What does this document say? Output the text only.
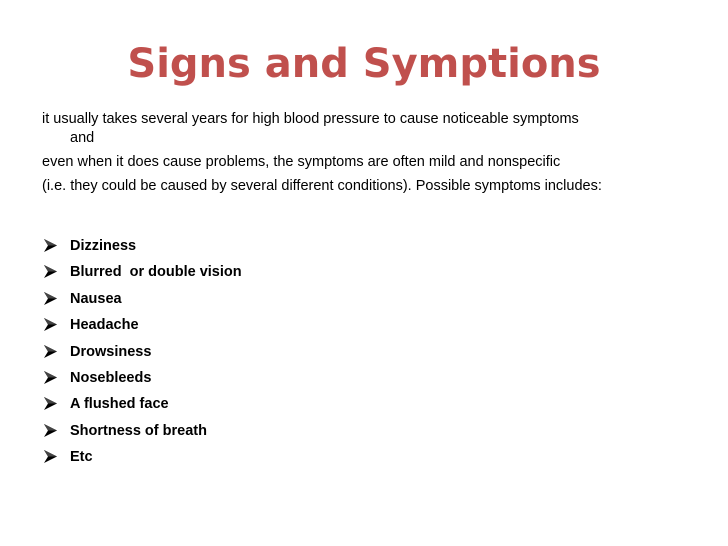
Signs and Symptions
it usually takes several years for high blood pressure to cause noticeable symptoms
and
even when it does cause problems, the symptoms are often mild and nonspecific
(i.e. they could be caused by several different conditions). Possible symptoms includes:
Dizziness
Blurred  or double vision
Nausea
Headache
Drowsiness
Nosebleeds
A flushed face
Shortness of breath
Etc
